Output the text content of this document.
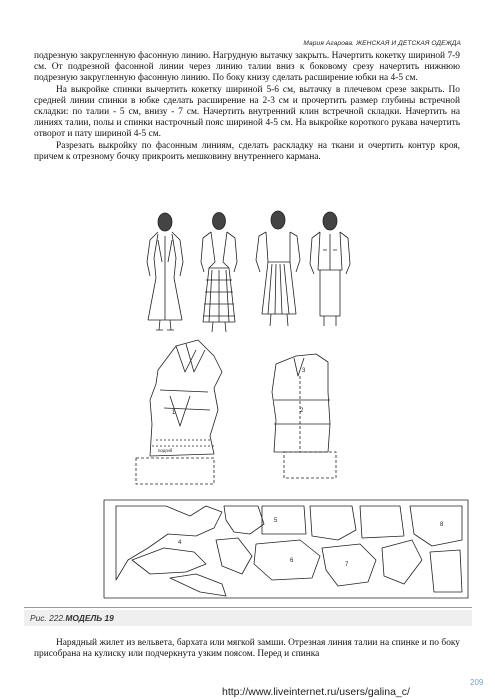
Мария Агарова. ЖЕНСКАЯ И ДЕТСКАЯ ОДЕЖДА

подрезную закругленную фасонную линию. Нагрудную вытачку закрыть. Начертить кокетку шириной 7-9 см. От подрезной фасонной линии через линию талии вниз к боковому срезу начертить нижнюю подрезную закругленную фасонную линию. По боку книзу сделать расширение юбки на 4-5 см.

На выкройке спинки вычертить кокетку шириной 5-6 см, вытачку в плечевом срезе закрыть. По средней линии спинки в юбке сделать расширение на 2-3 см и прочертить размер глубины встречной складки: по талии - 5 см, внизу - 7 см. Начертить внутренний клин встречной складки. Начертить на линиях талии, полы и спинки настрочный пояс шириной 4-5 см. На выкройке короткого рукава начертить отворот и пату шириной 4-5 см.

Разрезать выкройку по фасонным линиям, сделать раскладку на ткани и очертить контур кроя, причем к отрезному бочку прикроить мешковину внутреннего кармана.

1	2
3
4
5
6
7
8
подгиб
Рис. 222.МОДЕЛЬ 19

Нарядный жилет из вельвета, бархата или мягкой замши. Отрезная линия талии на спинке и по боку присобрана на кулиску или подчеркнута узким поясом. Перед и спинка

209
http://www.liveinternet.ru/users/galina_c/
